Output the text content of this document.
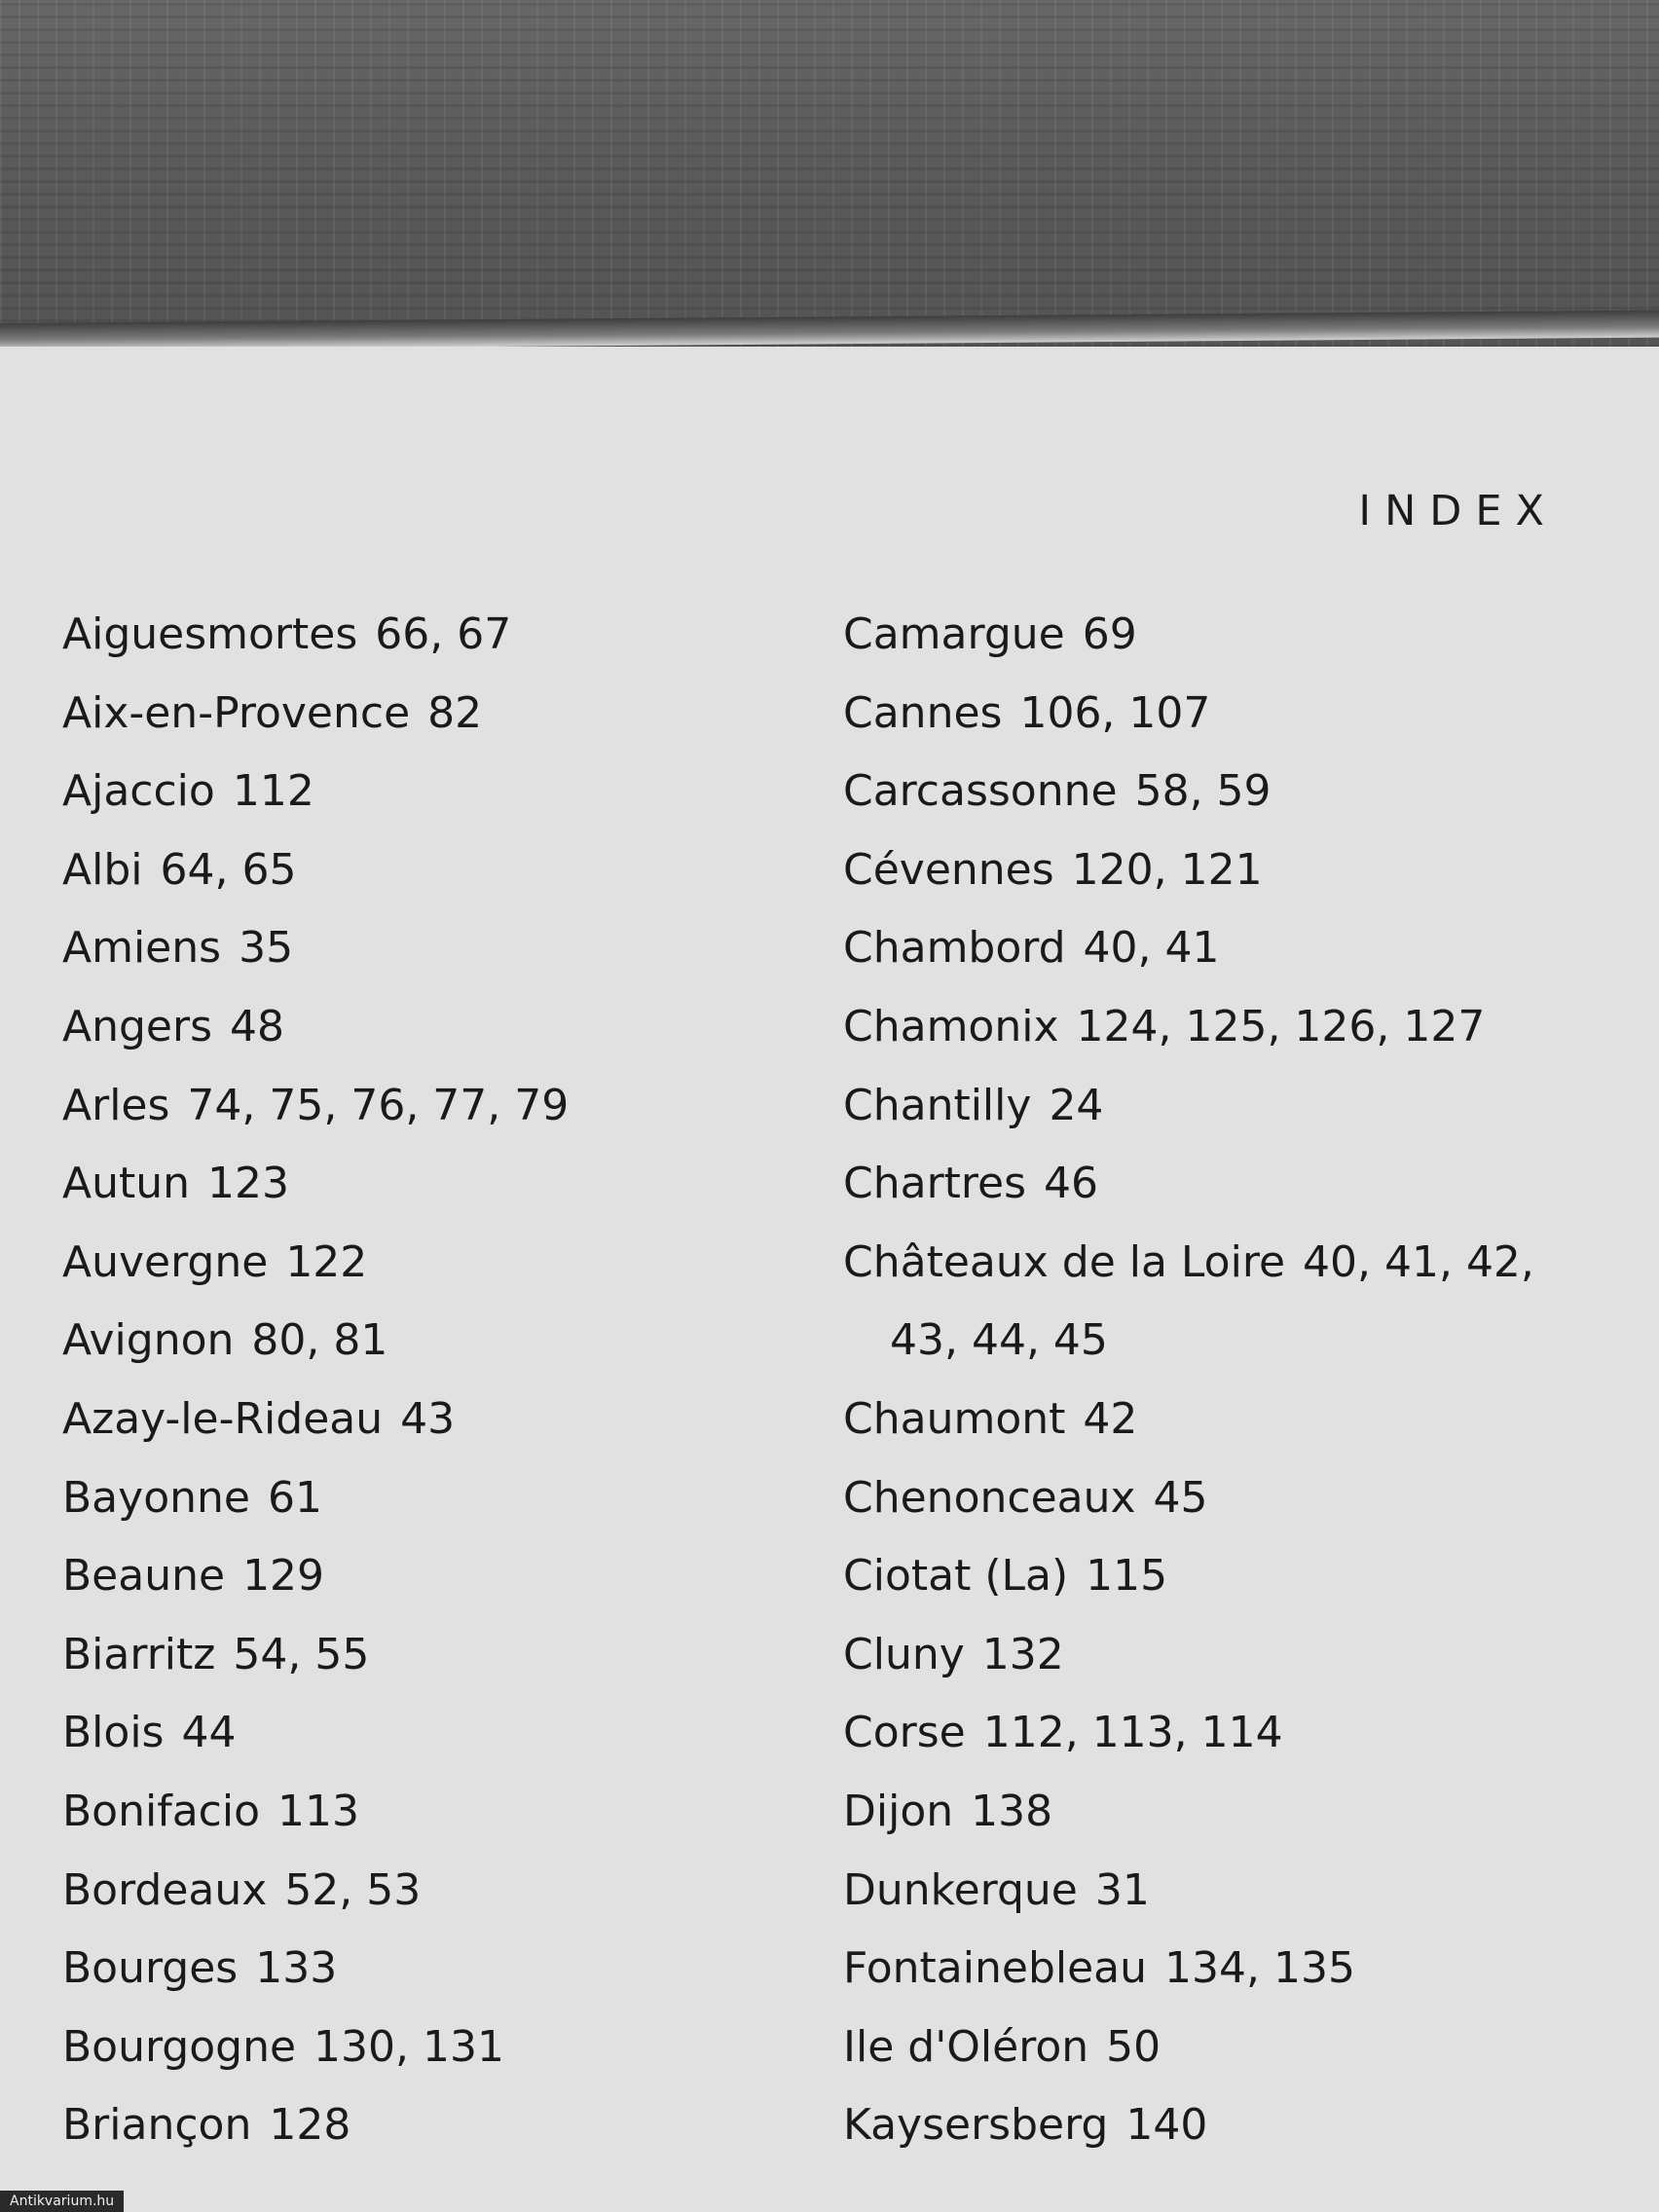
INDEX
Aiguesmortes 66, 67
Aix-en-Provence 82
Ajaccio 112
Albi 64, 65
Amiens 35
Angers 48
Arles 74, 75, 76, 77, 79
Autun 123
Auvergne 122
Avignon 80, 81
Azay-le-Rideau 43
Bayonne 61
Beaune 129
Biarritz 54, 55
Blois 44
Bonifacio 113
Bordeaux 52, 53
Bourges 133
Bourgogne 130, 131
Briançon 128
Camargue 69
Cannes 106, 107
Carcassonne 58, 59
Cévennes 120, 121
Chambord 40, 41
Chamonix 124, 125, 126, 127
Chantilly 24
Chartres 46
Châteaux de la Loire 40, 41, 42,
43, 44, 45
Chaumont 42
Chenonceaux 45
Ciotat (La) 115
Cluny 132
Corse 112, 113, 114
Dijon 138
Dunkerque 31
Fontainebleau 134, 135
Ile d'Oléron 50
Kaysersberg 140
Antikvarium.hu
